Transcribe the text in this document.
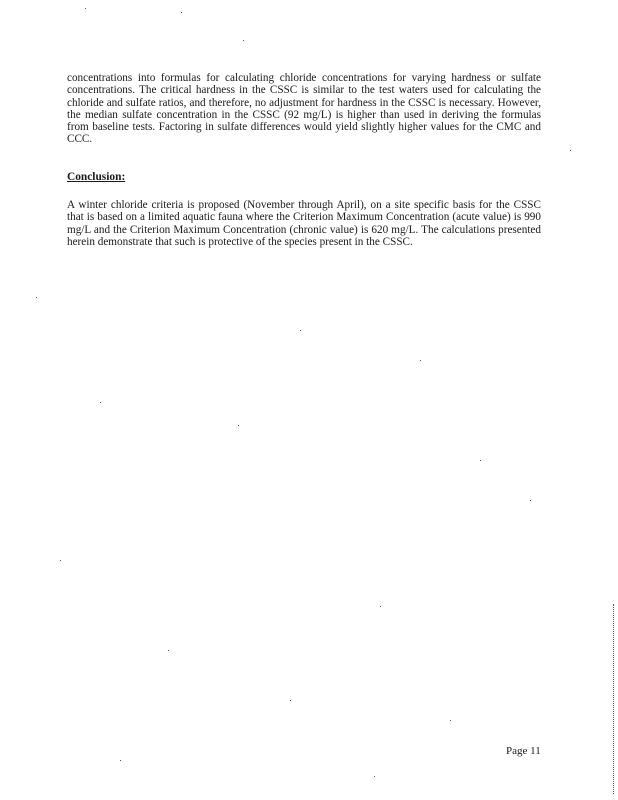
concentrations into formulas for calculating chloride concentrations for varying hardness or sulfate concentrations. The critical hardness in the CSSC is similar to the test waters used for calculating the chloride and sulfate ratios, and therefore, no adjustment for hardness in the CSSC is necessary. However, the median sulfate concentration in the CSSC (92 mg/L) is higher than used in deriving the formulas from baseline tests. Factoring in sulfate differences would yield slightly higher values for the CMC and CCC.

Conclusion:

A winter chloride criteria is proposed (November through April), on a site specific basis for the CSSC that is based on a limited aquatic fauna where the Criterion Maximum Concentration (acute value) is 990 mg/L and the Criterion Maximum Concentration (chronic value) is 620 mg/L. The calculations presented herein demonstrate that such is protective of the species present in the CSSC.

Page 11
